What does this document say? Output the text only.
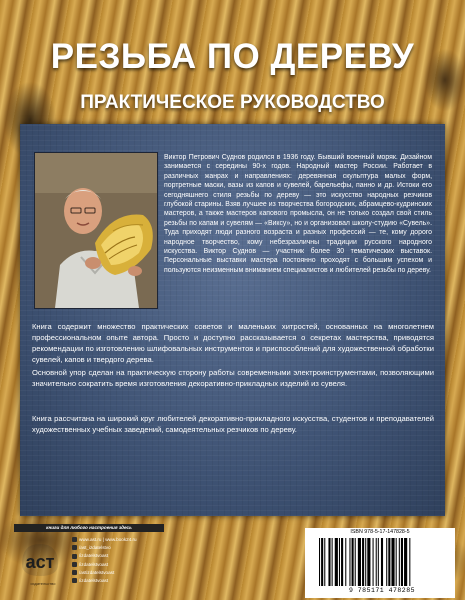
РЕЗЬБА ПО ДЕРЕВУ
ПРАКТИЧЕСКОЕ РУКОВОДСТВО

Виктор Петрович Суднов родился в 1936 году. Бывший военный моряк. Дизайном занимается с середины 90-х годов. Народный мастер России. Работает в различных жанрах и направлениях: деревянная скульптура малых форм, портретные маски, вазы из капов и сувелей, барельефы, панно и др. Истоки его сегодняшнего стиля резьбы по дереву — это искусство народных резчиков глубокой старины. Взяв лучшее из творчества богородских, абрамцево-кудринских мастеров, а также мастеров капового промысла, он не только создал свой стиль резьбы по капам и сувелям — «Виксу», но и организовал школу-студию «Сувель». Туда приходят люди разного возраста и разных профессий — те, кому дорого народное творчество, кому небезразличны традиции русского народного искусства. Виктор Суднов — участник более 30 тематических выставок. Персональные выставки мастера постоянно проходят с большим успехом и пользуются неизменным вниманием специалистов и любителей резьбы по дереву.

Книга содержит множество практических советов и маленьких хитростей, основанных на многолетнем профессиональном опыте автора. Просто и доступно рассказывается о секретах мастерства, приводятся рекомендации по изготовлению шлифовальных инструментов и приспособлений для художественной обработки сувелей, капов и твердого дерева.

Основной упор сделан на практическую сторону работы современными электроинструментами, позволяющими значительно сократить время изготовления декоративно-прикладных изделий из сувеля.

Книга рассчитана на широкий круг любителей декоративно-прикладного искусства, студентов и преподавателей художественных учебных заведений, самодеятельных резчиков по дереву.

книги для любого настроения здесь
аст
издательство
www.ast.ru | www.book24.ru
/ast_izdatelstvo
/izdatelstvoast
/izdatelstvoast
/astizdatelstvoast
/izdatelstvoast
ISBN 978-5-17-147828-5
9 785171 478285
